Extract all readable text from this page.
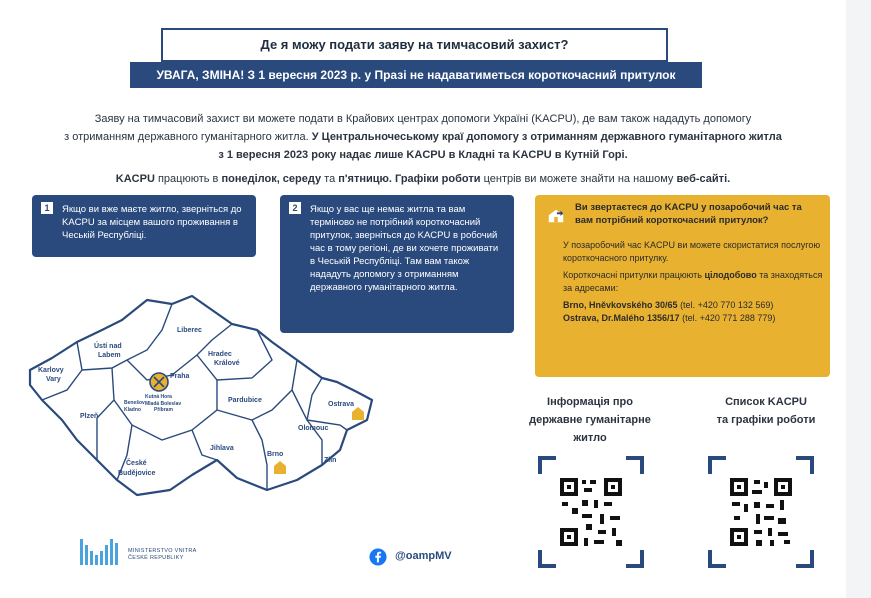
Де я можу подати заяву на тимчасовий захист?
УВАГА, ЗМІНА! З 1 вересня 2023 р. у Празі не надаватиметься короткочасний притулок
Заяву на тимчасовий захист ви можете подати в Крайових центрах допомоги Україні (KACPU), де вам також нададуть допомогу
з отриманням державного гуманітарного житла. У Центральночеському краї допомогу з отриманням державного гуманітарного житла
з 1 вересня 2023 року надає лише KACPU в Кладні та KACPU в Кутній Горі.
KACPU працюють в понеділок, середу та п'ятницю. Графіки роботи центрів ви можете знайти на нашому веб-сайті.
1	Якщо ви вже маєте житло, зверніться до KACPU за місцем вашого проживання в Чеській Республіці.
2	Якщо у вас ще немає житла та вам терміново не потрібний короткочасний притулок, зверніться до KACPU в робочий час в тому регіоні, де ви хочете проживати в Чеській Республіці. Там вам також нададуть допомогу з отриманням державного гуманітарного житла.
Ви звертаєтеся до KACPU у позаробочий час та вам потрібний короткочасний притулок?

У позаробочий час KACPU ви можете скористатися послугою короткочасного притулку.

Короткочасні притулки працюють цілодобово та знаходяться за адресами:

Brno, Hněvkovského 30/65 (tel. +420 770 132 569)
Ostrava, Dr.Malého 1356/17 (tel. +420 771 288 779)

Liberec
Ústí nad
Labem
Karlovy
Vary	Praha
Hradec
Králové
Kutná Hora
Mladá Boleslav
Benešov
Kladno	Příbram
Pardubice
Plzeň
Ostrava
Olomouc
Jihlava
Brno
Zlín
České
Budějovice
Інформація про
державне гуманітарне
житло
Список KACPU
та графіки роботи
MINISTERSTVO VNITRA
ČESKÉ REPUBLIKY	@oampMV
